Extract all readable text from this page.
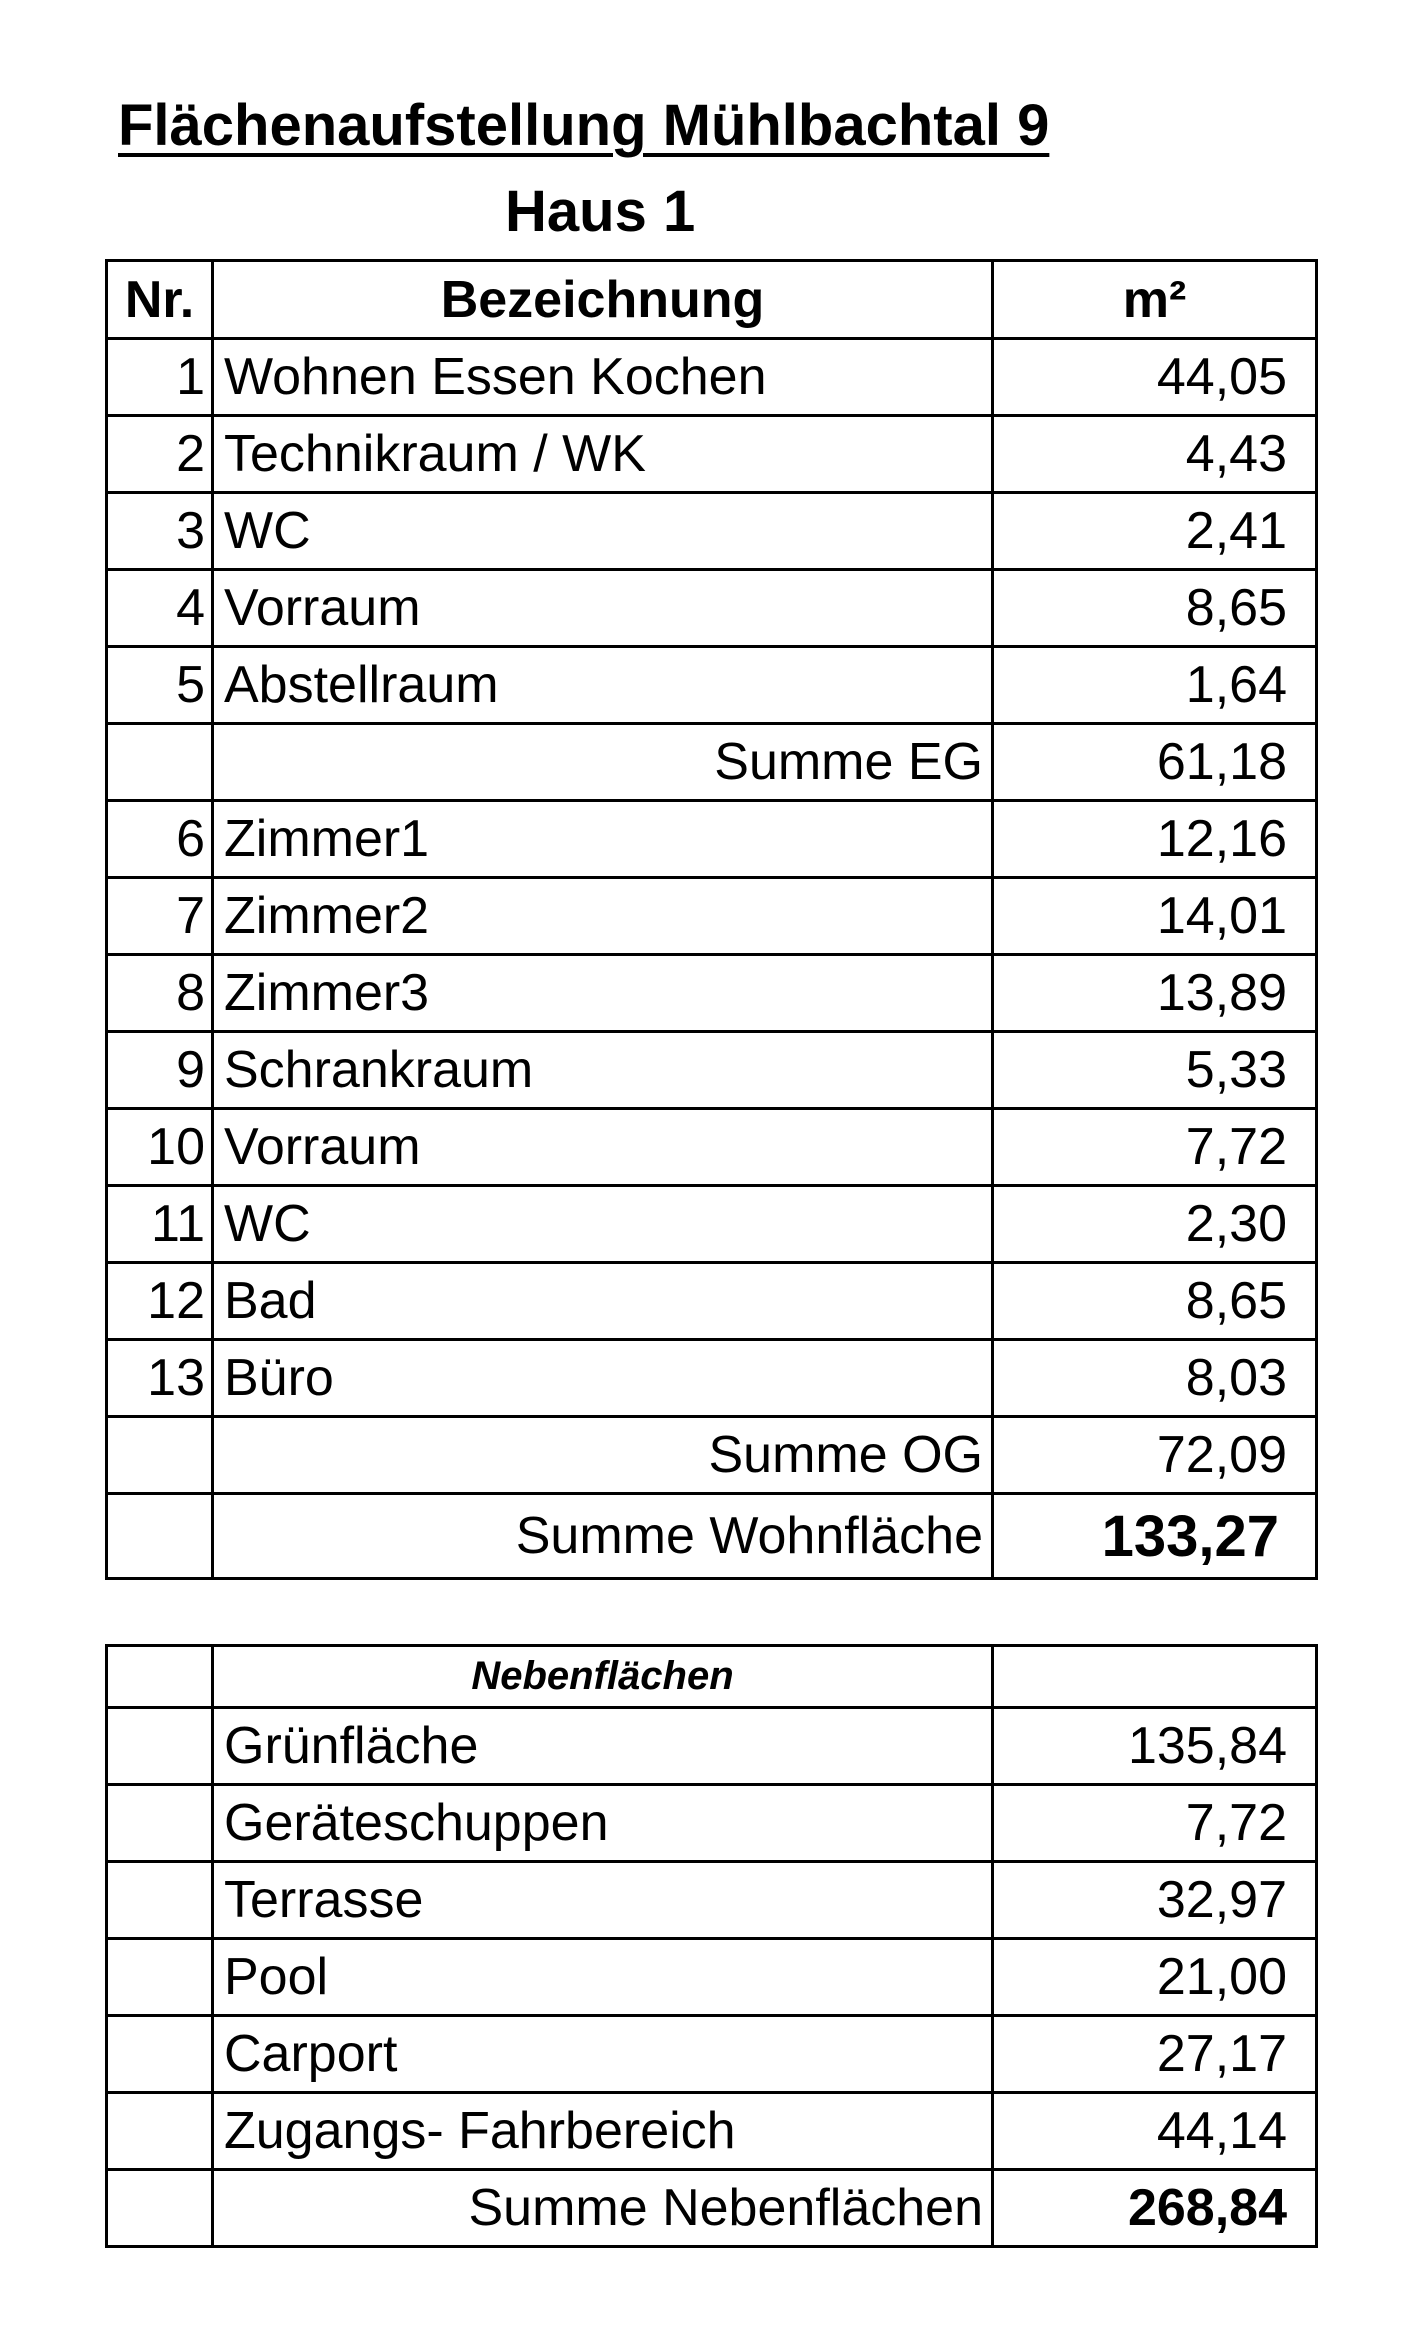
Flächenaufstellung Mühlbachtal 9
Haus 1
Nr.	Bezeichnung	m²
1	Wohnen Essen Kochen	44,05
2	Technikraum / WK	4,43
3	WC	2,41
4	Vorraum	8,65
5	Abstellraum	1,64
	Summe EG	61,18
6	Zimmer1	12,16
7	Zimmer2	14,01
8	Zimmer3	13,89
9	Schrankraum	5,33
10	Vorraum	7,72
11	WC	2,30
12	Bad	8,65
13	Büro	8,03
	Summe OG	72,09
	Summe Wohnfläche	133,27
	Nebenflächen	
	Grünfläche	135,84
	Geräteschuppen	7,72
	Terrasse	32,97
	Pool	21,00
	Carport	27,17
	Zugangs- Fahrbereich	44,14
	Summe Nebenflächen	268,84
